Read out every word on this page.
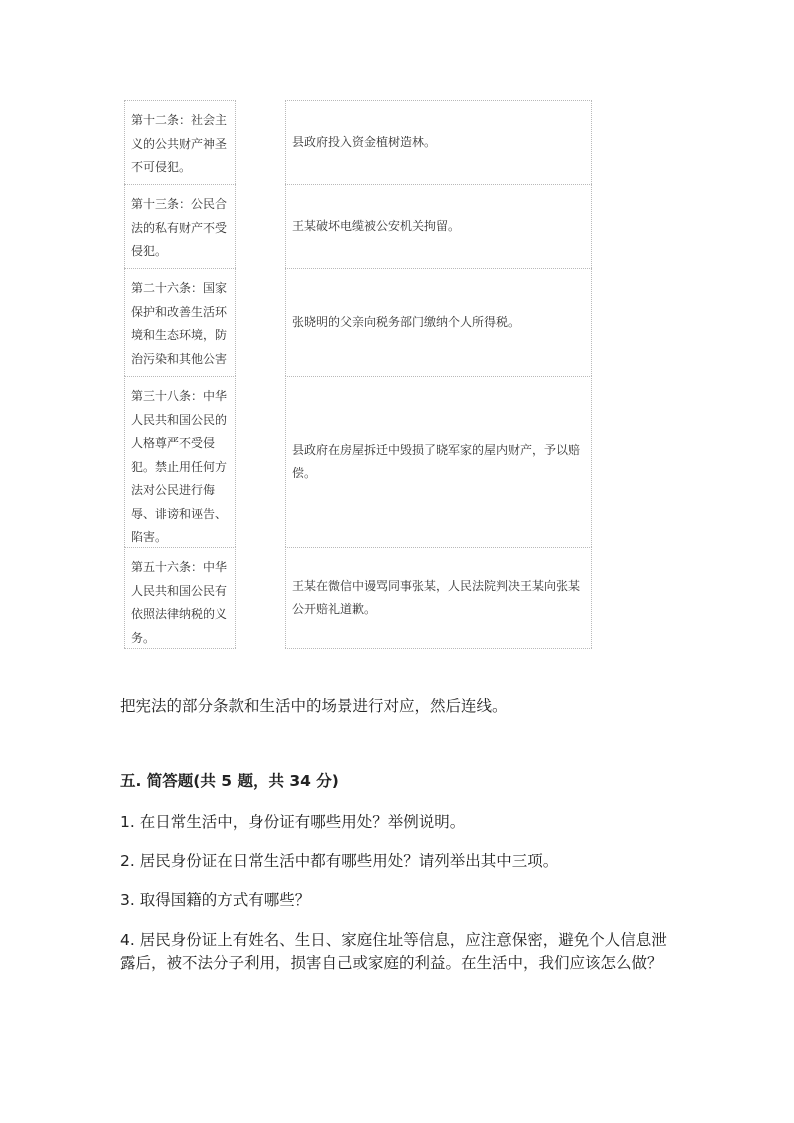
第十二条：社会主义的公共财产神圣不可侵犯。
第十三条：公民合法的私有财产不受侵犯。
第二十六条：国家保护和改善生活环境和生态环境，防治污染和其他公害
第三十八条：中华人民共和国公民的人格尊严不受侵犯。禁止用任何方法对公民进行侮辱、诽谤和诬告、陷害。
第五十六条：中华人民共和国公民有依照法律纳税的义务。
县政府投入资金植树造林。
王某破坏电缆被公安机关拘留。
张晓明的父亲向税务部门缴纳个人所得税。
县政府在房屋拆迁中毁损了晓军家的屋内财产，予以赔偿。
王某在微信中谩骂同事张某，人民法院判决王某向张某公开赔礼道歉。
把宪法的部分条款和生活中的场景进行对应，然后连线。
五. 简答题(共 5 题，共 34 分)
1. 在日常生活中，身份证有哪些用处？举例说明。
2. 居民身份证在日常生活中都有哪些用处？请列举出其中三项。
3. 取得国籍的方式有哪些？
4. 居民身份证上有姓名、生日、家庭住址等信息，应注意保密，避免个人信息泄露后，被不法分子利用，损害自己或家庭的利益。在生活中，我们应该怎么做？
